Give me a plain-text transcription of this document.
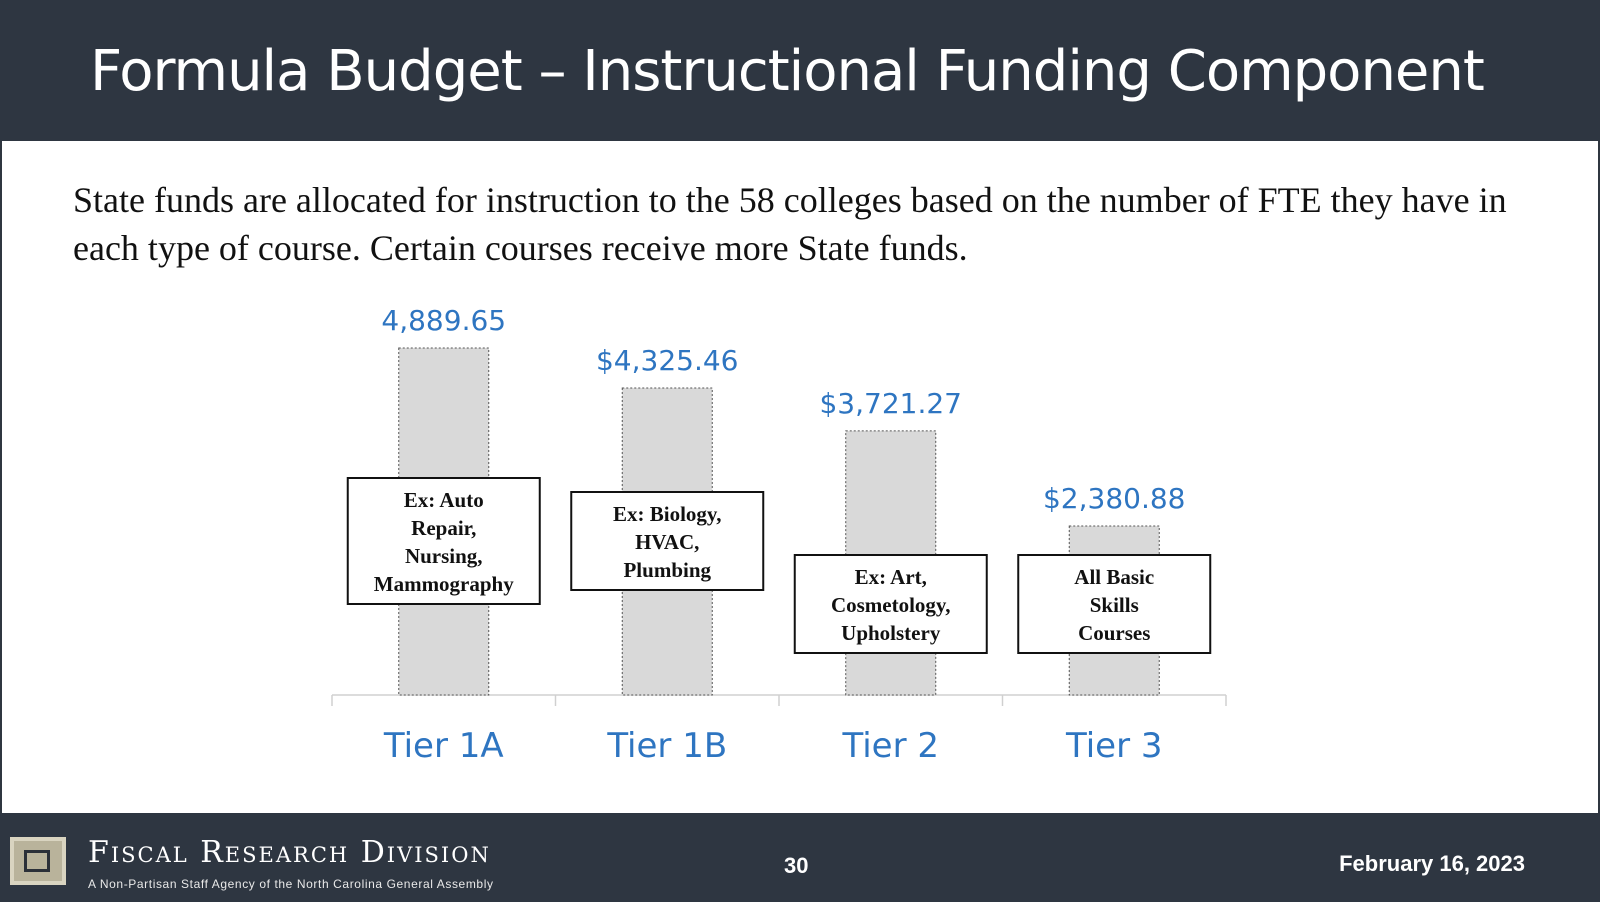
Formula Budget – Instructional Funding Component
State funds are allocated for instruction to the 58 colleges based on the number of FTE they have in each type of course. Certain courses receive more State funds.
4,889.65
Tier 1A
Ex: Auto
Repair,
Nursing,
Mammography
$4,325.46
Tier 1B
Ex: Biology,
HVAC,
Plumbing
$3,721.27
Tier 2
Ex: Art,
Cosmetology,
Upholstery
$2,380.88
Tier 3
All Basic
Skills
Courses
Fiscal Research Division
A Non-Partisan Staff Agency of the North Carolina General Assembly
30	February 16, 2023
